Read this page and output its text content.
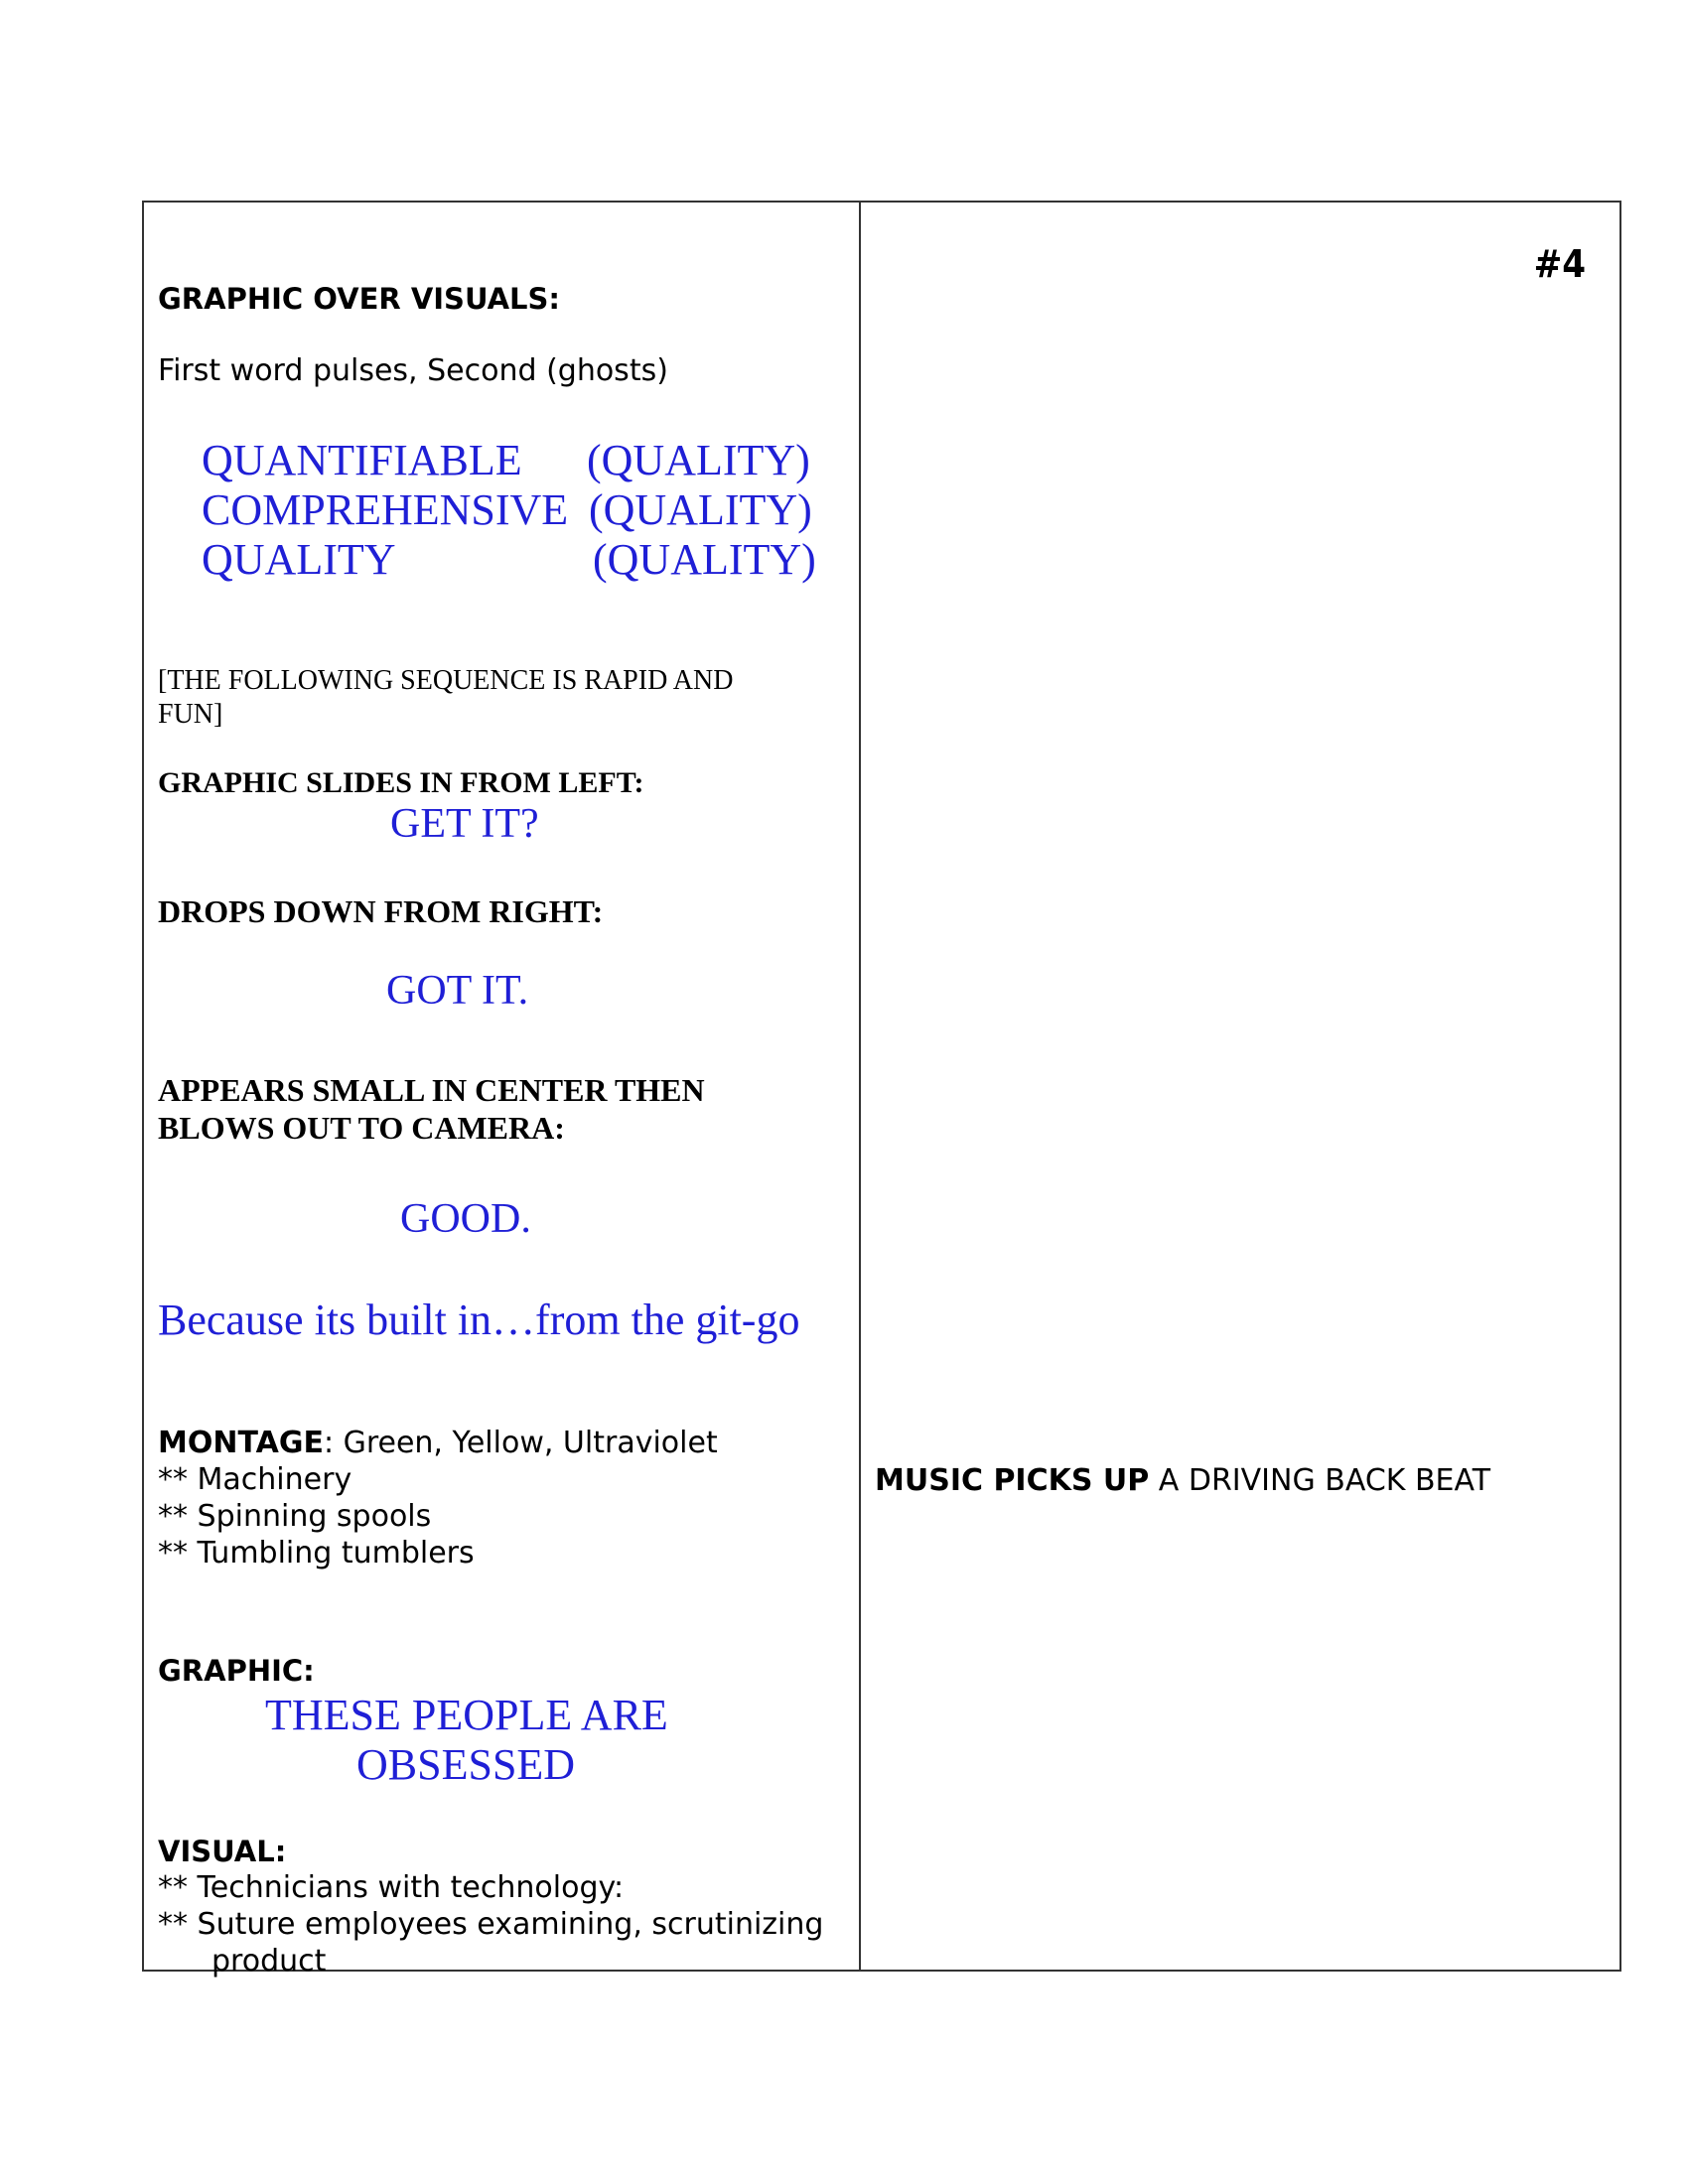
GRAPHIC OVER VISUALS:

First word pulses, Second (ghosts)

QUANTIFIABLE (QUALITY)

COMPREHENSIVE (QUALITY)

QUALITY	(QUALITY)

[THE FOLLOWING SEQUENCE IS RAPID AND

FUN]

GRAPHIC SLIDES IN FROM LEFT:

GET IT?

DROPS DOWN FROM RIGHT:

GOT IT.

APPEARS SMALL IN CENTER THEN

BLOWS OUT TO CAMERA:

GOOD.

Because its built in…from the git-go

MONTAGE: Green, Yellow, Ultraviolet

** Machinery

** Spinning spools

** Tumbling tumblers

GRAPHIC:

THESE PEOPLE ARE

OBSESSED

VISUAL:

** Technicians with technology:

** Suture employees examining, scrutinizing

product

#4

MUSIC PICKS UP A DRIVING BACK BEAT
